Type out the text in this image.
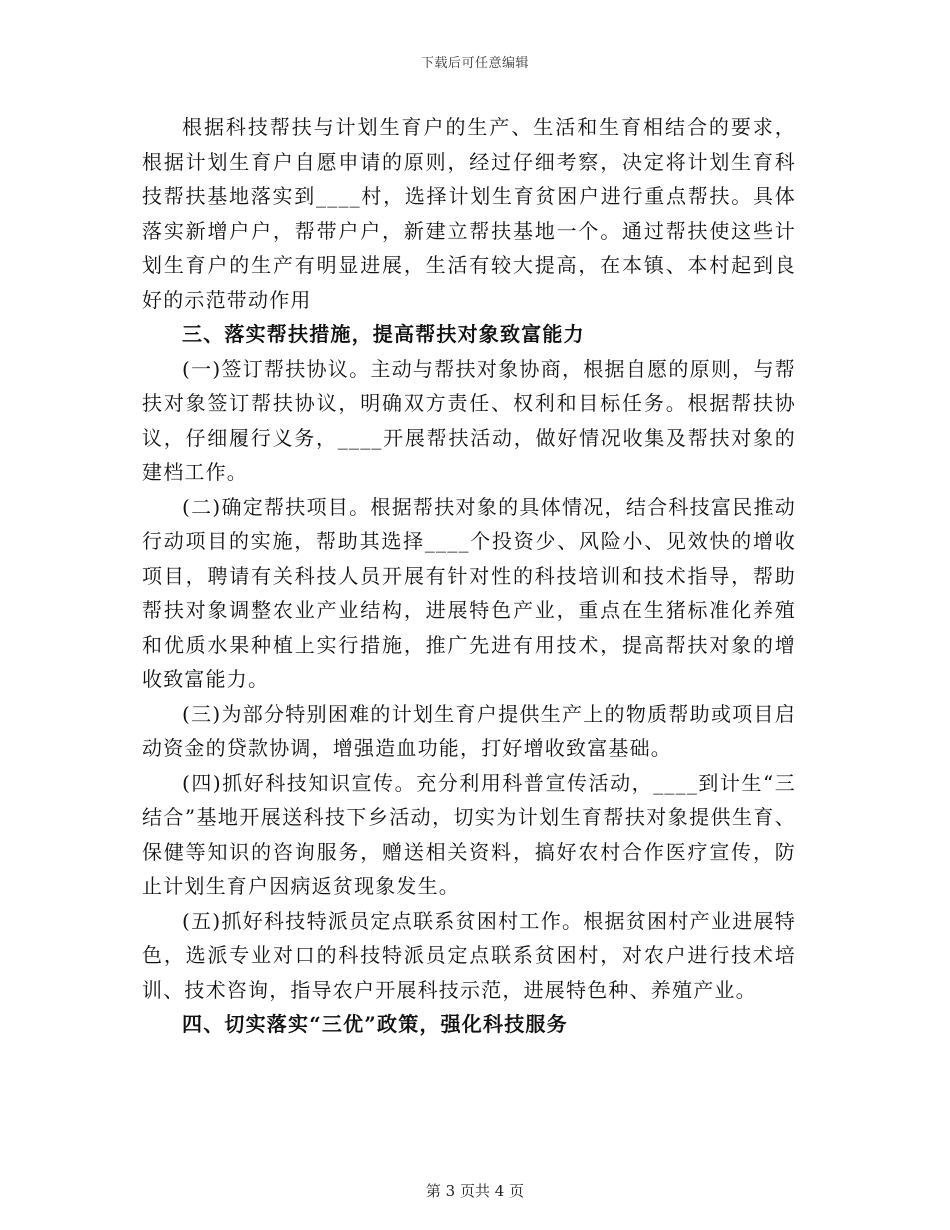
下载后可任意编辑

根据科技帮扶与计划生育户的生产、生活和生育相结合的要求，根据计划生育户自愿申请的原则，经过仔细考察，决定将计划生育科技帮扶基地落实到____村，选择计划生育贫困户进行重点帮扶。具体落实新增户户，帮带户户，新建立帮扶基地一个。通过帮扶使这些计划生育户的生产有明显进展，生活有较大提高，在本镇、本村起到良好的示范带动作用

三、落实帮扶措施，提高帮扶对象致富能力

(一)签订帮扶协议。主动与帮扶对象协商，根据自愿的原则，与帮扶对象签订帮扶协议，明确双方责任、权利和目标任务。根据帮扶协议，仔细履行义务，____开展帮扶活动，做好情况收集及帮扶对象的建档工作。

(二)确定帮扶项目。根据帮扶对象的具体情况，结合科技富民推动行动项目的实施，帮助其选择____个投资少、风险小、见效快的增收项目，聘请有关科技人员开展有针对性的科技培训和技术指导，帮助帮扶对象调整农业产业结构，进展特色产业，重点在生猪标准化养殖和优质水果种植上实行措施，推广先进有用技术，提高帮扶对象的增收致富能力。

(三)为部分特别困难的计划生育户提供生产上的物质帮助或项目启动资金的贷款协调，增强造血功能，打好增收致富基础。

(四)抓好科技知识宣传。充分利用科普宣传活动，____到计生“三结合”基地开展送科技下乡活动，切实为计划生育帮扶对象提供生育、保健等知识的咨询服务，赠送相关资料，搞好农村合作医疗宣传，防止计划生育户因病返贫现象发生。

(五)抓好科技特派员定点联系贫困村工作。根据贫困村产业进展特色，选派专业对口的科技特派员定点联系贫困村，对农户进行技术培训、技术咨询，指导农户开展科技示范，进展特色种、养殖产业。

四、切实落实“三优”政策，强化科技服务

第 3 页共 4 页
